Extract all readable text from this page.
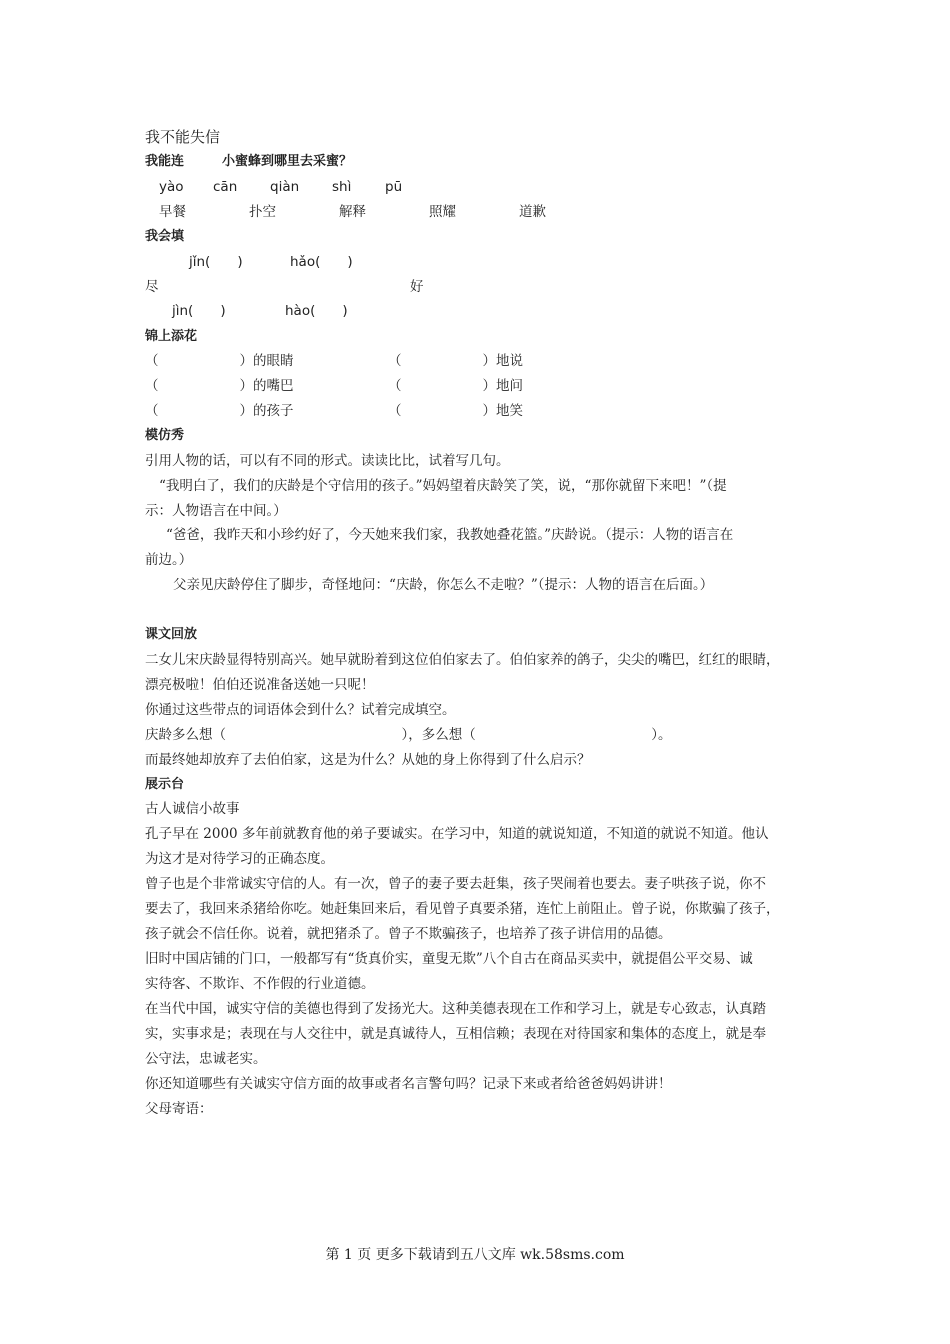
我不能失信
我能连	小蜜蜂到哪里去采蜜？
yào cān qiàn shì pū
早餐	扑空	解释	照耀	道歉
我会填
jǐn(　　)	hǎo(　　)
尽	好
jìn(　　)	hào(　　)
锦上添花
（　　　　　　）的眼睛	（　　　　　　）地说
（　　　　　　）的嘴巴	（　　　　　　）地问
（　　　　　　）的孩子	（　　　　　　）地笑
模仿秀
引用人物的话，可以有不同的形式。读读比比，试着写几句。
“我明白了，我们的庆龄是个守信用的孩子。”妈妈望着庆龄笑了笑，说，“那你就留下来吧！”（提
示：人物语言在中间。）
“爸爸，我昨天和小珍约好了，今天她来我们家，我教她叠花篮。”庆龄说。（提示：人物的语言在
前边。）
父亲见庆龄停住了脚步，奇怪地问：“庆龄，你怎么不走啦？”（提示：人物的语言在后面。）
课文回放
二女儿宋庆龄显得特别高兴。她早就盼着到这位伯伯家去了。伯伯家养的鸽子，尖尖的嘴巴，红红的眼睛，
漂亮极啦！伯伯还说准备送她一只呢！
你通过这些带点的词语体会到什么？试着完成填空。
庆龄多么想（　　　　　　　　　　　　　），多么想（　　　　　　　　　　　　　）。
而最终她却放弃了去伯伯家，这是为什么？从她的身上你得到了什么启示？
展示台
古人诚信小故事
孔子早在 2000 多年前就教育他的弟子要诚实。在学习中，知道的就说知道，不知道的就说不知道。他认
为这才是对待学习的正确态度。
曾子也是个非常诚实守信的人。有一次，曾子的妻子要去赶集，孩子哭闹着也要去。妻子哄孩子说，你不
要去了，我回来杀猪给你吃。她赶集回来后，看见曾子真要杀猪，连忙上前阻止。曾子说，你欺骗了孩子，
孩子就会不信任你。说着，就把猪杀了。曾子不欺骗孩子，也培养了孩子讲信用的品德。
旧时中国店铺的门口，一般都写有“货真价实，童叟无欺”八个自古在商品买卖中，就提倡公平交易、诚
实待客、不欺诈、不作假的行业道德。
在当代中国，诚实守信的美德也得到了发扬光大。这种美德表现在工作和学习上，就是专心致志，认真踏
实，实事求是；表现在与人交往中，就是真诚待人，互相信赖；表现在对待国家和集体的态度上，就是奉
公守法，忠诚老实。
你还知道哪些有关诚实守信方面的故事或者名言警句吗？记录下来或者给爸爸妈妈讲讲！
父母寄语：
第 1 页 更多下载请到五八文库 wk.58sms.com
